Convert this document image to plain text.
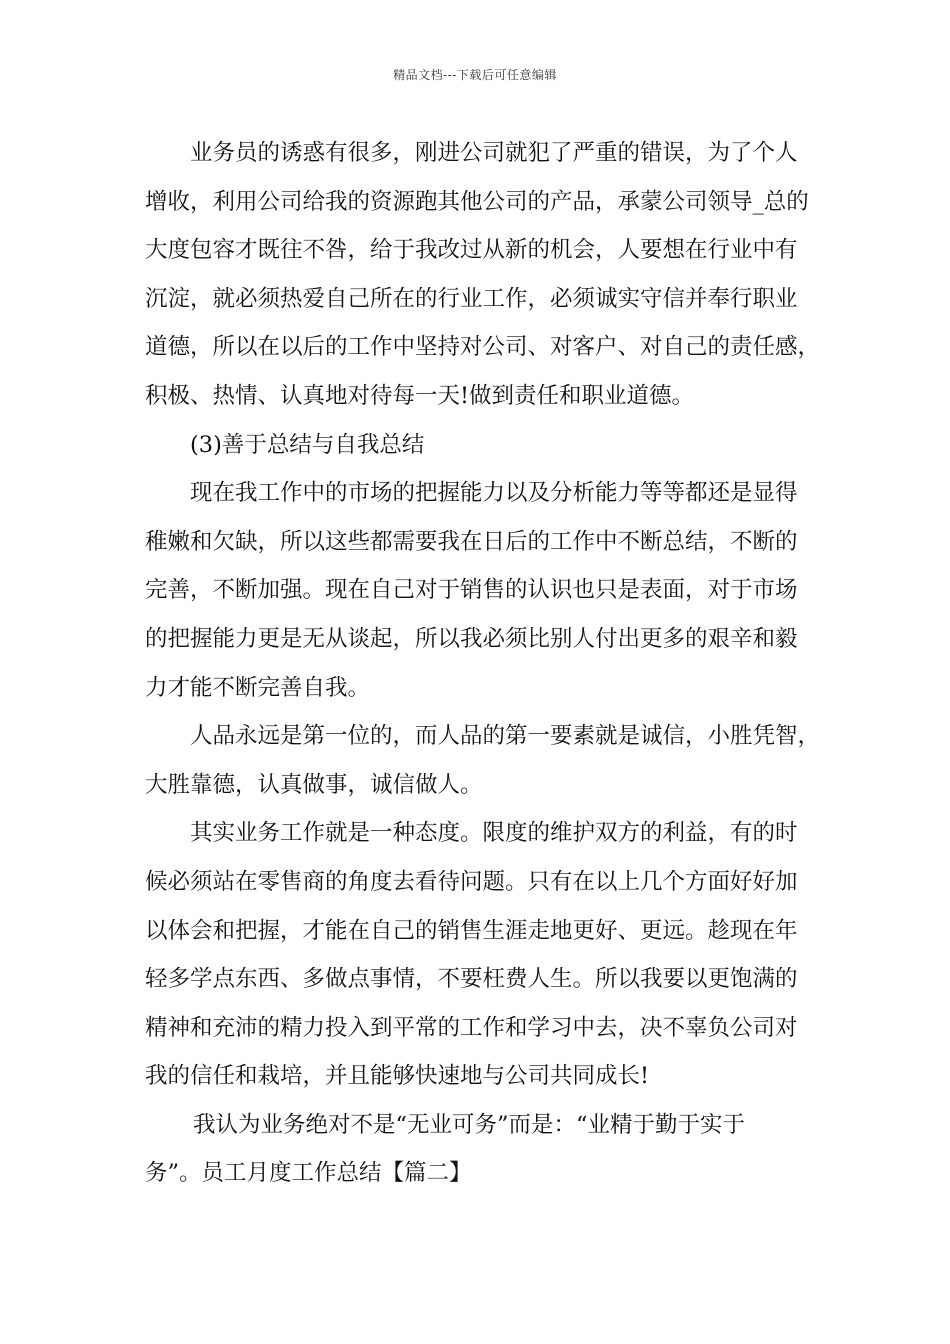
精品文档---下载后可任意编辑
业务员的诱惑有很多，刚进公司就犯了严重的错误，为了个人
增收，利用公司给我的资源跑其他公司的产品，承蒙公司领导_总的
大度包容才既往不咎，给于我改过从新的机会，人要想在行业中有
沉淀，就必须热爱自己所在的行业工作，必须诚实守信并奉行职业
道德，所以在以后的工作中坚持对公司、对客户、对自己的责任感，
积极、热情、认真地对待每一天!做到责任和职业道德。
(3)善于总结与自我总结
现在我工作中的市场的把握能力以及分析能力等等都还是显得
稚嫩和欠缺，所以这些都需要我在日后的工作中不断总结，不断的
完善，不断加强。现在自己对于销售的认识也只是表面，对于市场
的把握能力更是无从谈起，所以我必须比别人付出更多的艰辛和毅
力才能不断完善自我。
人品永远是第一位的，而人品的第一要素就是诚信，小胜凭智，
大胜靠德，认真做事，诚信做人。
其实业务工作就是一种态度。限度的维护双方的利益，有的时
候必须站在零售商的角度去看待问题。只有在以上几个方面好好加
以体会和把握，才能在自己的销售生涯走地更好、更远。趁现在年
轻多学点东西、多做点事情，不要枉费人生。所以我要以更饱满的
精神和充沛的精力投入到平常的工作和学习中去，决不辜负公司对
我的信任和栽培，并且能够快速地与公司共同成长!
我认为业务绝对不是“无业可务”而是：“业精于勤于实于
务”。员工月度工作总结【篇二】
